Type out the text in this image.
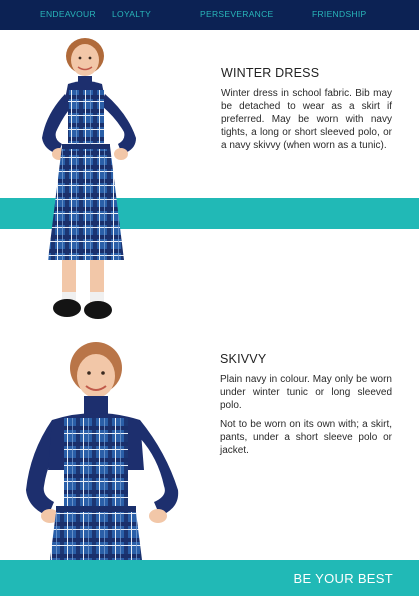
ENDEAVOUR LOYALTY	PERSEVERANCE	FRIENDSHIP
WINTER DRESS

Winter dress in school fabric. Bib may be detached to wear as a skirt if preferred. May be worn with navy tights, a long or short sleeved polo, or a navy skivvy (when worn as a tunic).

SKIVVY

Plain navy in colour. May only be worn under winter tunic or long sleeved polo.

Not to be worn on its own with; a skirt, pants, under a short sleeve polo or jacket.

BE YOUR BEST
